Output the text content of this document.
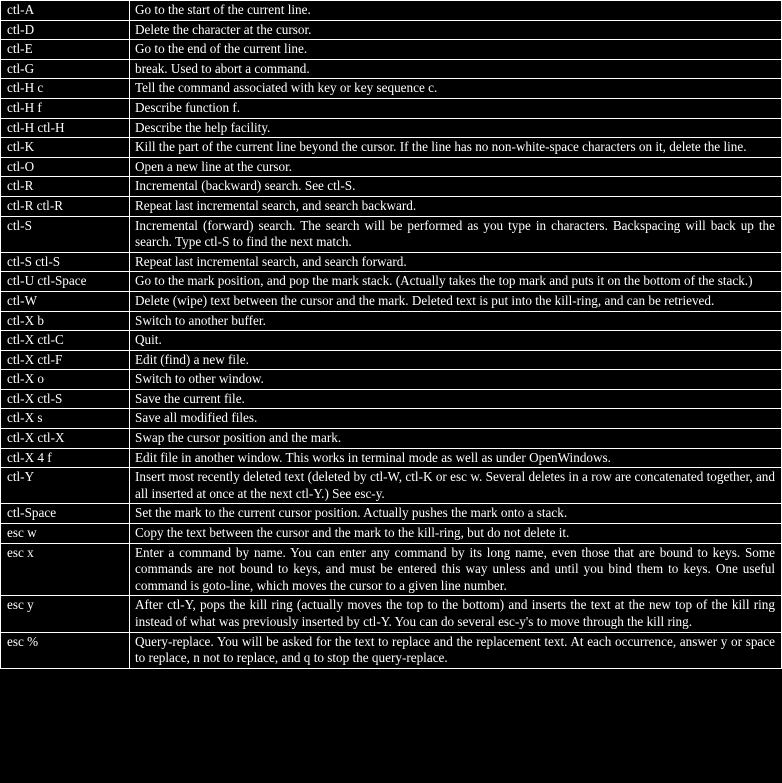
ctl-A	Go to the start of the current line.
ctl-D	Delete the character at the cursor.
ctl-E	Go to the end of the current line.
ctl-G	break. Used to abort a command.
ctl-H c	Tell the command associated with key or key sequence c.
ctl-H f	Describe function f.
ctl-H ctl-H	Describe the help facility.
ctl-K	Kill the part of the current line beyond the cursor. If the line has no non-white-space characters on it, delete the line.
ctl-O	Open a new line at the cursor.
ctl-R	Incremental (backward) search. See ctl-S.
ctl-R ctl-R	Repeat last incremental search, and search backward.
ctl-S	Incremental (forward) search. The search will be performed as you type in characters. Backspacing will back up the search. Type ctl-S to find the next match.
ctl-S ctl-S	Repeat last incremental search, and search forward.
ctl-U ctl-Space	Go to the mark position, and pop the mark stack. (Actually takes the top mark and puts it on the bottom of the stack.)
ctl-W	Delete (wipe) text between the cursor and the mark. Deleted text is put into the kill-ring, and can be retrieved.
ctl-X b	Switch to another buffer.
ctl-X ctl-C	Quit.
ctl-X ctl-F	Edit (find) a new file.
ctl-X o	Switch to other window.
ctl-X ctl-S	Save the current file.
ctl-X s	Save all modified files.
ctl-X ctl-X	Swap the cursor position and the mark.
ctl-X 4 f	Edit file in another window. This works in terminal mode as well as under OpenWindows.
ctl-Y	Insert most recently deleted text (deleted by ctl-W, ctl-K or esc w. Several deletes in a row are concatenated together, and all inserted at once at the next ctl-Y.) See esc-y.
ctl-Space	Set the mark to the current cursor position. Actually pushes the mark onto a stack.
esc w	Copy the text between the cursor and the mark to the kill-ring, but do not delete it.
esc x	Enter a command by name. You can enter any command by its long name, even those that are bound to keys. Some commands are not bound to keys, and must be entered this way unless and until you bind them to keys. One useful command is goto-line, which moves the cursor to a given line number.
esc y	After ctl-Y, pops the kill ring (actually moves the top to the bottom) and inserts the text at the new top of the kill ring instead of what was previously inserted by ctl-Y. You can do several esc-y's to move through the kill ring.
esc %	Query-replace. You will be asked for the text to replace and the replacement text. At each occurrence, answer y or space to replace, n not to replace, and q to stop the query-replace.
